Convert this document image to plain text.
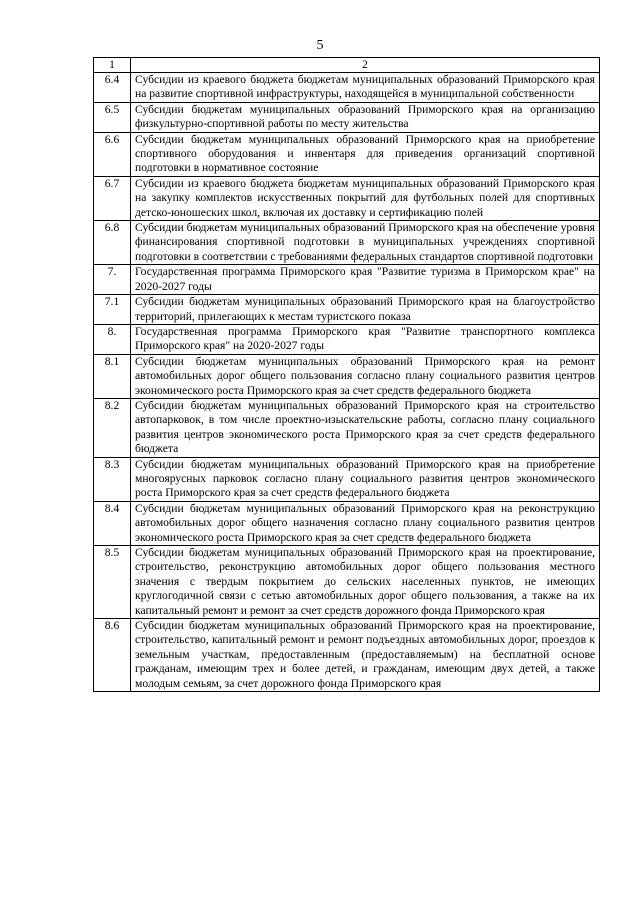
5
1	2
6.4	Субсидии из краевого бюджета бюджетам муниципальных образований Приморского края на развитие спортивной инфраструктуры, находящейся в муниципальной собственности
6.5	Субсидии бюджетам муниципальных образований Приморского края на организацию физкультурно-спортивной работы по месту жительства
6.6	Субсидии бюджетам муниципальных образований Приморского края на приобретение спортивного оборудования и инвентаря для приведения организаций спортивной подготовки в нормативное состояние
6.7	Субсидии из краевого бюджета бюджетам муниципальных образований Приморского края на закупку комплектов искусственных покрытий для футбольных полей для спортивных детско-юношеских школ, включая их доставку и сертификацию полей
6.8	Субсидии бюджетам муниципальных образований Приморского края на обеспечение уровня финансирования спортивной подготовки в муниципальных учреждениях спортивной подготовки в соответствии с требованиями федеральных стандартов спортивной подготовки
7.	Государственная программа Приморского края "Развитие туризма в Приморском крае" на 2020-2027 годы
7.1	Субсидии бюджетам муниципальных образований Приморского края на благоустройство территорий, прилегающих к местам туристского показа
8.	Государственная программа Приморского края "Развитие транспортного комплекса Приморского края" на 2020-2027 годы
8.1	Субсидии бюджетам муниципальных образований Приморского края на ремонт автомобильных дорог общего пользования согласно плану социального развития центров экономического роста Приморского края за счет средств федерального бюджета
8.2	Субсидии бюджетам муниципальных образований Приморского края на строительство автопарковок, в том числе проектно-изыскательские работы, согласно плану социального развития центров экономического роста Приморского края за счет средств федерального бюджета
8.3	Субсидии бюджетам муниципальных образований Приморского края на приобретение многоярусных парковок согласно плану социального развития центров экономического роста Приморского края за счет средств федерального бюджета
8.4	Субсидии бюджетам муниципальных образований Приморского края на реконструкцию автомобильных дорог общего назначения согласно плану социального развития центров экономического роста Приморского края за счет средств федерального бюджета
8.5	Субсидии бюджетам муниципальных образований Приморского края на проектирование, строительство, реконструкцию автомобильных дорог общего пользования местного значения с твердым покрытием до сельских населенных пунктов, не имеющих круглогодичной связи с сетью автомобильных дорог общего пользования, а также на их капитальный ремонт и ремонт за счет средств дорожного фонда Приморского края
8.6	Субсидии бюджетам муниципальных образований Приморского края на проектирование, строительство, капитальный ремонт и ремонт подъездных автомобильных дорог, проездов к земельным участкам, предоставленным (предоставляемым) на бесплатной основе гражданам, имеющим трех и более детей, и гражданам, имеющим двух детей, а также молодым семьям, за счет дорожного фонда Приморского края
